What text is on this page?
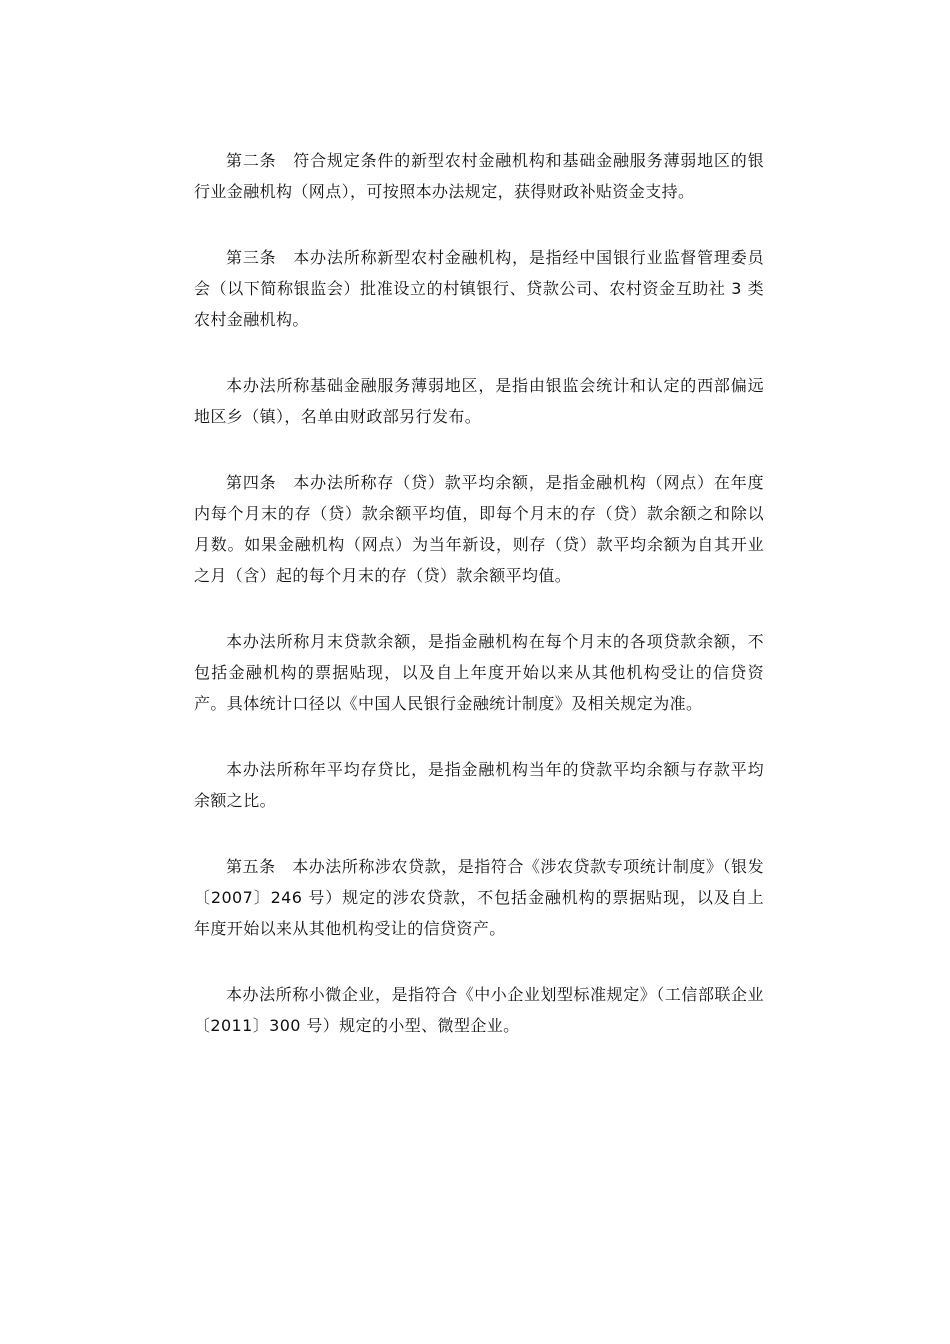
第二条　符合规定条件的新型农村金融机构和基础金融服务薄弱地区的银行业金融机构（网点），可按照本办法规定，获得财政补贴资金支持。

第三条　本办法所称新型农村金融机构，是指经中国银行业监督管理委员会（以下简称银监会）批准设立的村镇银行、贷款公司、农村资金互助社 3 类农村金融机构。

本办法所称基础金融服务薄弱地区，是指由银监会统计和认定的西部偏远地区乡（镇），名单由财政部另行发布。

第四条　本办法所称存（贷）款平均余额，是指金融机构（网点）在年度内每个月末的存（贷）款余额平均值，即每个月末的存（贷）款余额之和除以月数。如果金融机构（网点）为当年新设，则存（贷）款平均余额为自其开业之月（含）起的每个月末的存（贷）款余额平均值。

本办法所称月末贷款余额，是指金融机构在每个月末的各项贷款余额，不包括金融机构的票据贴现，以及自上年度开始以来从其他机构受让的信贷资产。具体统计口径以《中国人民银行金融统计制度》及相关规定为准。

本办法所称年平均存贷比，是指金融机构当年的贷款平均余额与存款平均余额之比。

第五条　本办法所称涉农贷款，是指符合《涉农贷款专项统计制度》（银发〔2007〕246 号）规定的涉农贷款，不包括金融机构的票据贴现，以及自上年度开始以来从其他机构受让的信贷资产。

本办法所称小微企业，是指符合《中小企业划型标准规定》（工信部联企业〔2011〕300 号）规定的小型、微型企业。
